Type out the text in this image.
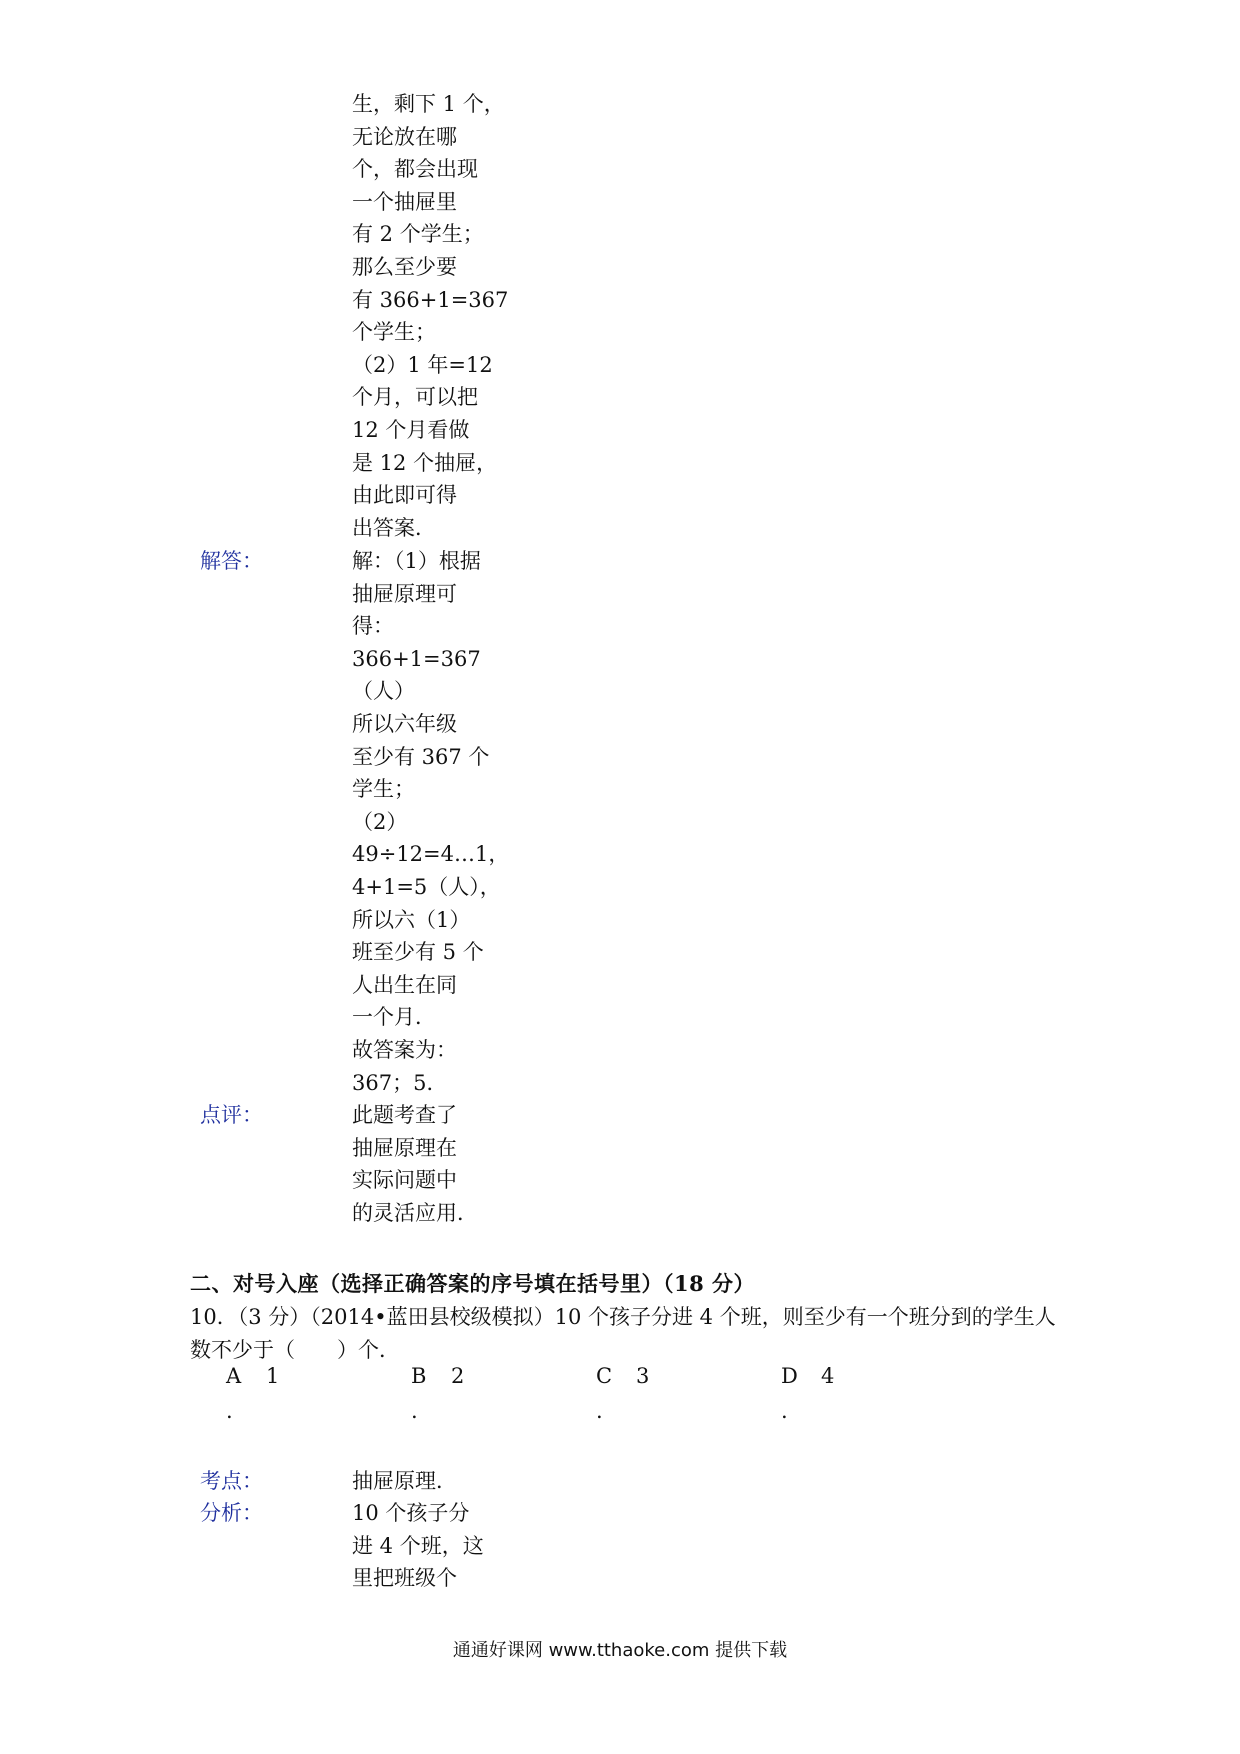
生，剩下 1 个，
无论放在哪
个，都会出现
一个抽屉里
有 2 个学生；
那么至少要
有 366+1=367
个学生；
（2）1 年=12
个月，可以把
12 个月看做
是 12 个抽屉，
由此即可得
出答案．
解答：	解：（1）根据
抽屉原理可
得：
366+1=367
（人）
所以六年级
至少有 367 个
学生；
（2）
49÷12=4…1，
4+1=5（人），
所以六（1）
班至少有 5 个
人出生在同
一个月．
故答案为：
367；5．
点评：	此题考查了
抽屉原理在
实际问题中
的灵活应用．
二、对号入座（选择正确答案的序号填在括号里）（18 分）
10．（3 分）（2014•蓝田县校级模拟）10 个孩子分进 4 个班，则至少有一个班分到的学生人
数不少于（　　）个．
A 1
.
B 2
.
C 3
.
D 4
.
考点：	抽屉原理．
分析：	10 个孩子分
进 4 个班，这
里把班级个
通通好课网 www.tthaoke.com 提供下载
